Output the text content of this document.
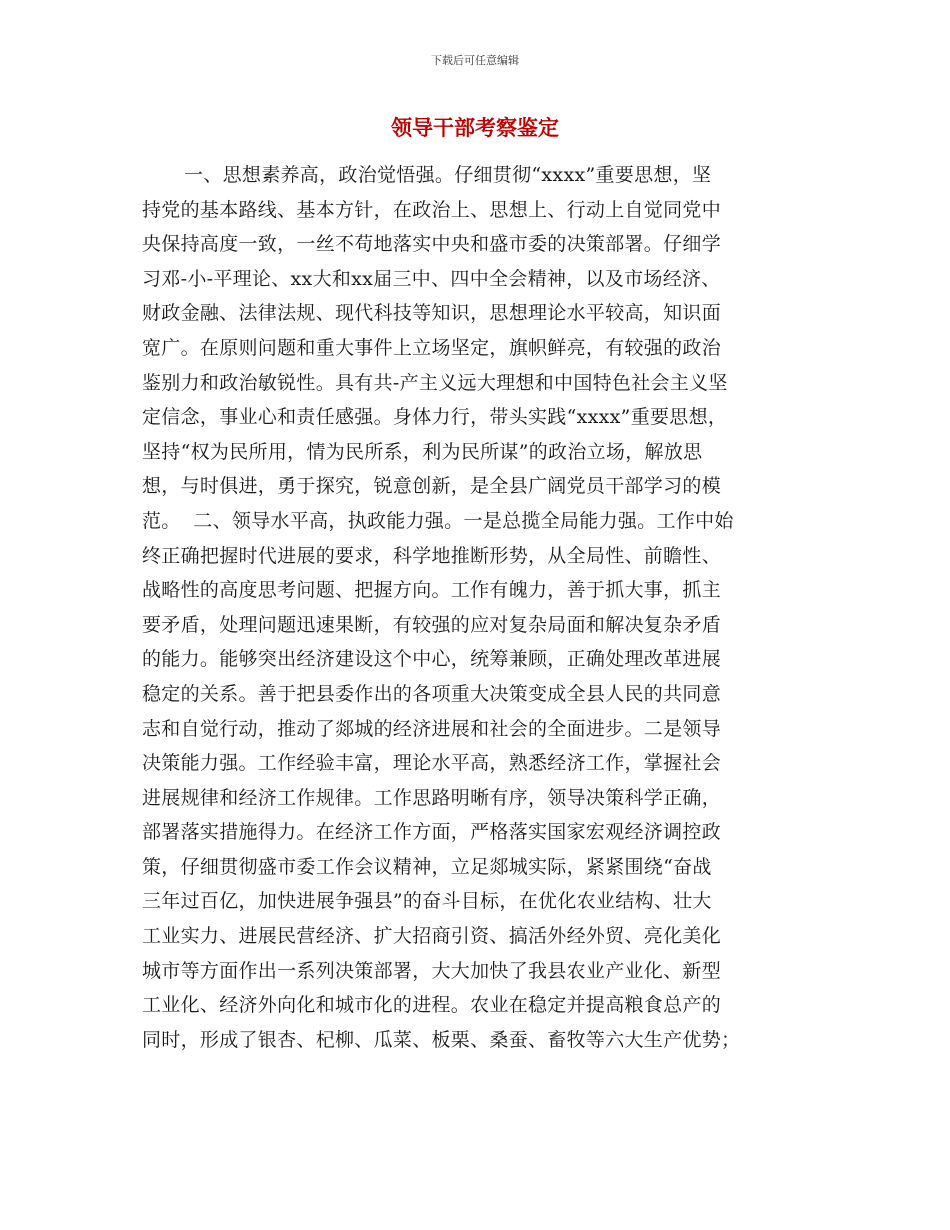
下载后可任意编辑
领导干部考察鉴定
一、思想素养高，政治觉悟强。仔细贯彻“xxxx”重要思想，坚
持党的基本路线、基本方针，在政治上、思想上、行动上自觉同党中
央保持高度一致，一丝不苟地落实中央和盛市委的决策部署。仔细学
习邓-小-平理论、xx大和xx届三中、四中全会精神，以及市场经济、
财政金融、法律法规、现代科技等知识，思想理论水平较高，知识面
宽广。在原则问题和重大事件上立场坚定，旗帜鲜亮，有较强的政治
鉴别力和政治敏锐性。具有共-产主义远大理想和中国特色社会主义坚
定信念，事业心和责任感强。身体力行，带头实践“xxxx”重要思想，
坚持“权为民所用，情为民所系，利为民所谋”的政治立场，解放思
想，与时俱进，勇于探究，锐意创新，是全县广阔党员干部学习的模
范。  二、领导水平高，执政能力强。一是总揽全局能力强。工作中始
终正确把握时代进展的要求，科学地推断形势，从全局性、前瞻性、
战略性的高度思考问题、把握方向。工作有魄力，善于抓大事，抓主
要矛盾，处理问题迅速果断，有较强的应对复杂局面和解决复杂矛盾
的能力。能够突出经济建设这个中心，统筹兼顾，正确处理改革进展
稳定的关系。善于把县委作出的各项重大决策变成全县人民的共同意
志和自觉行动，推动了郯城的经济进展和社会的全面进步。二是领导
决策能力强。工作经验丰富，理论水平高，熟悉经济工作，掌握社会
进展规律和经济工作规律。工作思路明晰有序，领导决策科学正确，
部署落实措施得力。在经济工作方面，严格落实国家宏观经济调控政
策，仔细贯彻盛市委工作会议精神，立足郯城实际，紧紧围绕“奋战
三年过百亿，加快进展争强县”的奋斗目标，在优化农业结构、壮大
工业实力、进展民营经济、扩大招商引资、搞活外经外贸、亮化美化
城市等方面作出一系列决策部署，大大加快了我县农业产业化、新型
工业化、经济外向化和城市化的进程。农业在稳定并提高粮食总产的
同时，形成了银杏、杞柳、瓜菜、板栗、桑蚕、畜牧等六大生产优势；
